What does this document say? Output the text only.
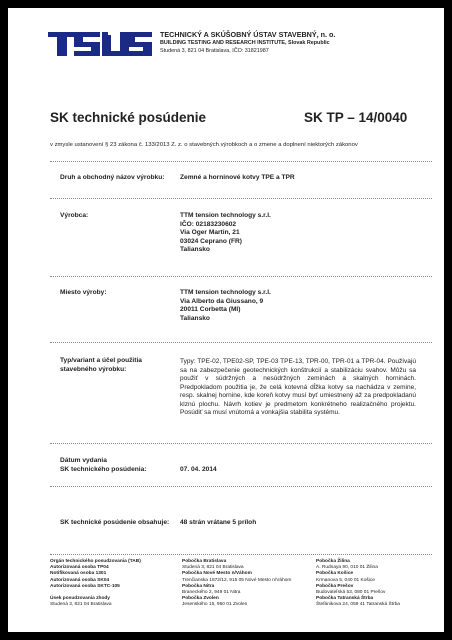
TECHNICKÝ A SKÚŠOBNÝ ÚSTAV STAVEBNÝ, n. o.
BUILDING TESTING AND RESEARCH INSTITUTE, Slovak Republic
Studená 3, 821 04 Bratislava, IČO: 31821987
SK technické posúdenie	SK TP – 14/0040
v zmysle ustanovení § 23 zákona č. 133/2013 Z. z. o stavebných výrobkoch a o zmene a doplnení niektorých zákonov
Druh a obchodný názov výrobku: Zemné a horninové kotvy TPE a TPR
Výrobca:	TTM tension technology s.r.l.
IČO: 02183230602
Via Oger Martin, 21
03024 Ceprano (FR)
Taliansko
Miesto výroby:	TTM tension technology s.r.l.
Via Alberto da Giussano, 9
20011 Corbetta (MI)
Taliansko
Typ/variant a účel použitia
stavebného výrobku:
Typy: TPE-02, TPE02-SP, TPE-03 TPE-13, TPR-00, TPR-01 a TPR-04. Používajú sa na zabezpečenie geotechnických konštrukcií a stabilizáciu svahov. Môžu sa použiť v súdržných a nesúdržných zeminách a skalných horninách. Predpokladom použitia je, že celá kotevná dĺžka kotvy sa nachádza v zemine, resp. skalnej hornine, kde koreň kotvy musí byť umiestnený až za predpokladanú klznú plochu. Návrh kotiev je predmetom konkrétneho realizačného projektu. Posúdiť sa musí vnútorná a vonkajšia stabilita systému.
Dátum vydania
SK technického posúdenia:	07. 04. 2014
SK technické posúdenie obsahuje: 48 strán vrátane 5 príloh
Orgán technického posudzovania (TAB)
Autorizovaná osoba TP04
Notifikovaná osoba 1301
Autorizovaná osoba SK04
Autorizovaná osoba SKTC-105
Úsek posudzovania zhody
Studená 3, 821 04 Bratislava
Pobočka Bratislava
Studená 3, 821 04 Bratislava
Pobočka Nové Mesto n/Váhom
Trenčianska 1872/12, 915 05 Nové Mesto n/Váhom
Pobočka Nitra
Braneckého 2, 949 01 Nitra
Pobočka Zvolen
Jesenského 15, 960 01 Zvolen
Pobočka Žilina
A. Rudnaya 90, 010 01 Žilina
Pobočka Košice
Krmanova 5, 040 01 Košice
Pobočka Prešov
Budovateľská 53, 080 01 Prešov
Pobočka Tatranská Štrba
Štefánikova 24, 059 41 Tatranská Štrba
